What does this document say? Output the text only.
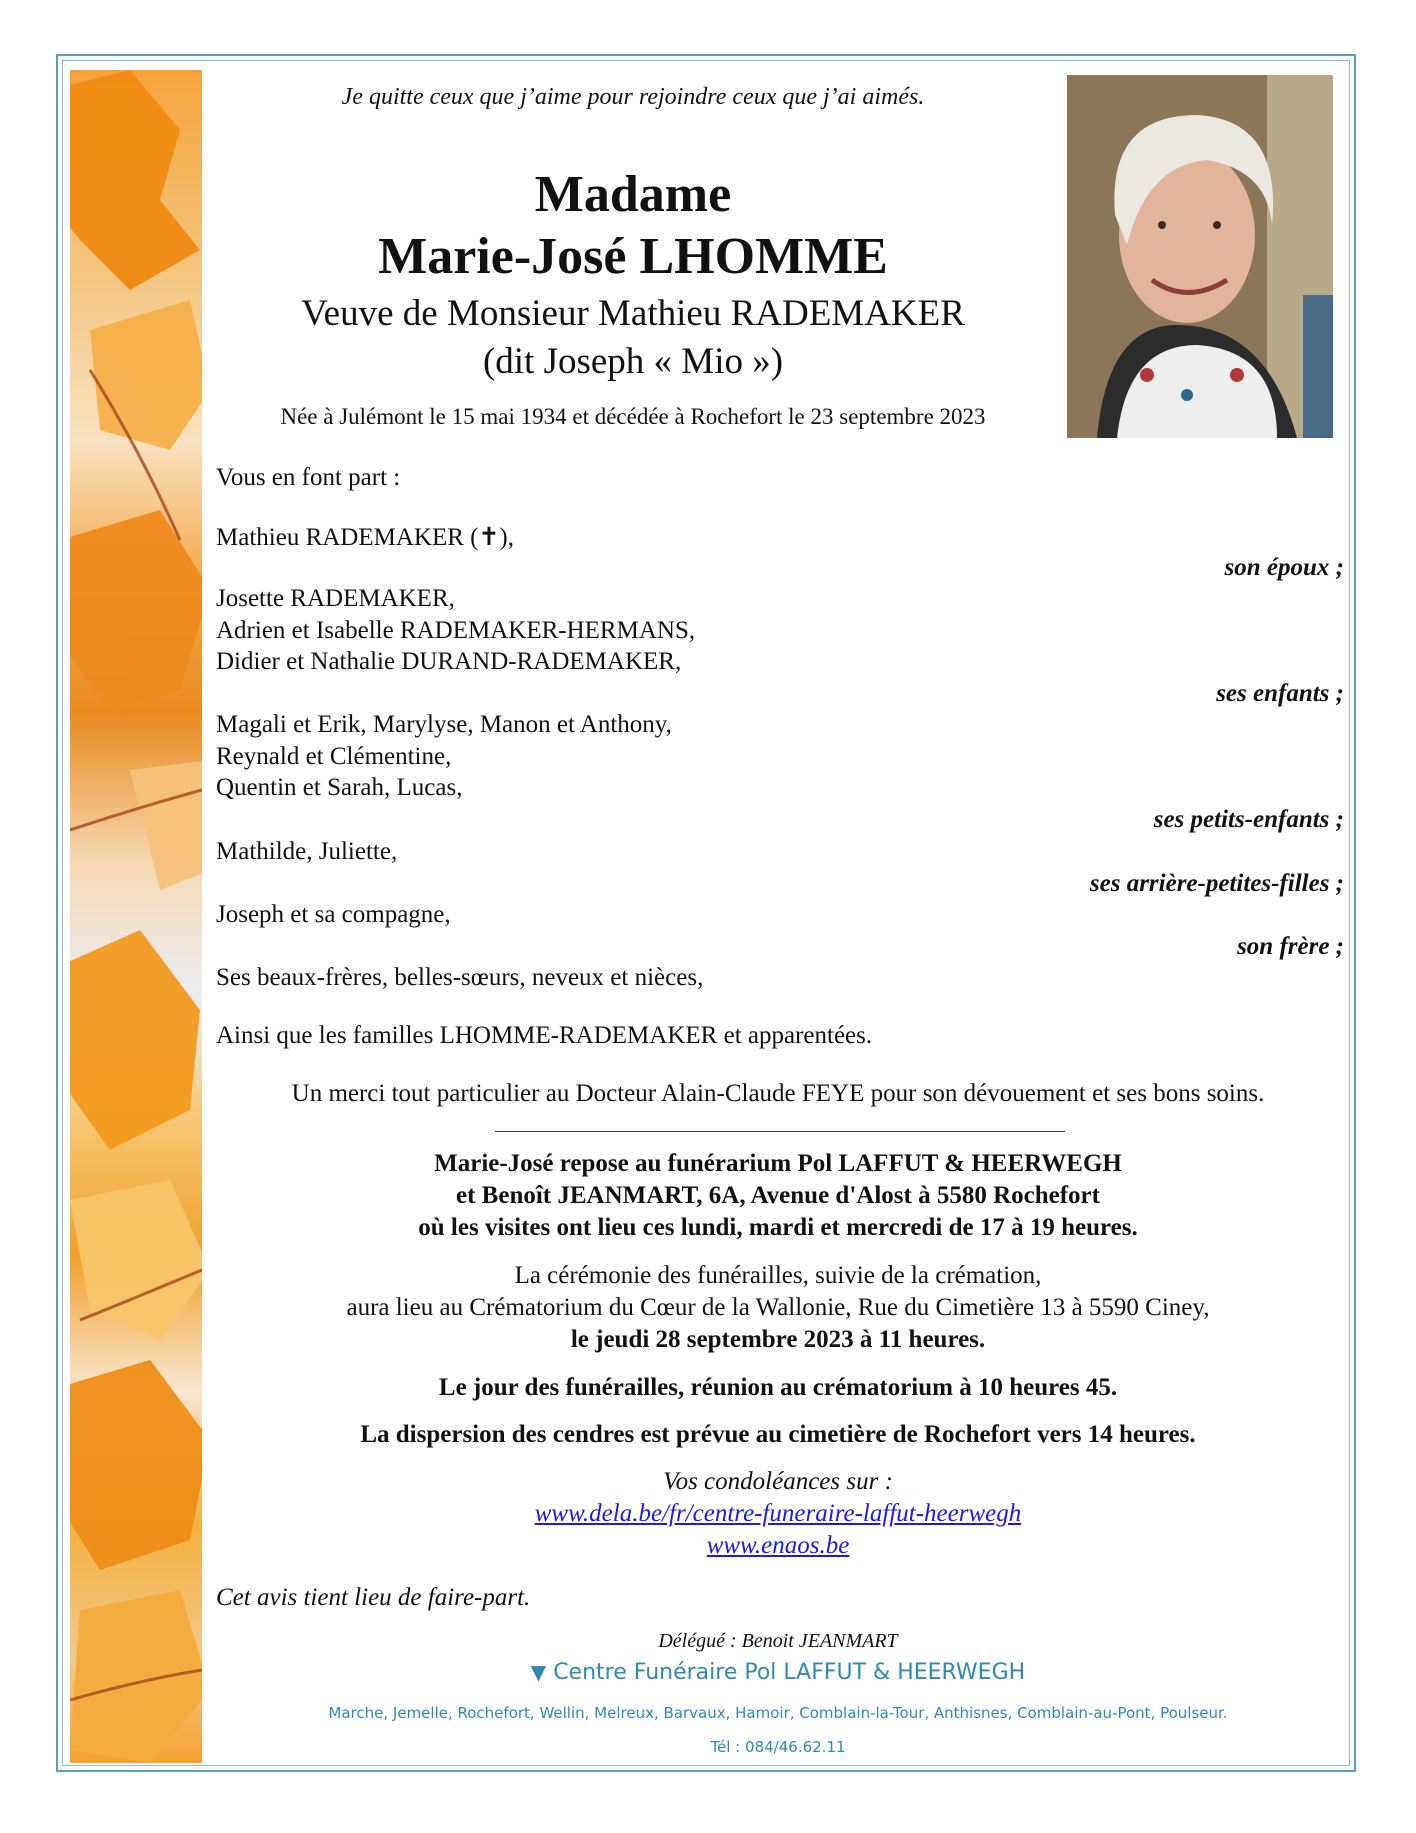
Je quitte ceux que j’aime pour rejoindre ceux que j’ai aimés.
Madame
Marie-José LHOMME
Veuve de Monsieur Mathieu RADEMAKER
(dit Joseph « Mio »)
Née à Julémont le 15 mai 1934 et décédée à Rochefort le 23 septembre 2023
Vous en font part :
Mathieu RADEMAKER (✝),
son époux ;
Josette RADEMAKER,
Adrien et Isabelle RADEMAKER-HERMANS,
Didier et Nathalie DURAND-RADEMAKER,
ses enfants ;
Magali et Erik, Marylyse, Manon et Anthony,
Reynald et Clémentine,
Quentin et Sarah, Lucas,
ses petits-enfants ;
Mathilde, Juliette,
ses arrière-petites-filles ;
Joseph et sa compagne,
son frère ;
Ses beaux-frères, belles-sœurs, neveux et nièces,
Ainsi que les familles LHOMME-RADEMAKER et apparentées.
Un merci tout particulier au Docteur Alain-Claude FEYE pour son dévouement et ses bons soins.
Marie-José repose au funérarium Pol LAFFUT & HEERWEGH
et Benoît JEANMART, 6A, Avenue d'Alost à 5580 Rochefort
où les visites ont lieu ces lundi, mardi et mercredi de 17 à 19 heures.
La cérémonie des funérailles, suivie de la crémation,
aura lieu au Crématorium du Cœur de la Wallonie, Rue du Cimetière 13 à 5590 Ciney,
le jeudi 28 septembre 2023 à 11 heures.
Le jour des funérailles, réunion au crématorium à 10 heures 45.
La dispersion des cendres est prévue au cimetière de Rochefort vers 14 heures.
Vos condoléances sur :
www.dela.be/fr/centre-funeraire-laffut-heerwegh
www.enaos.be
Cet avis tient lieu de faire-part.
Délégué : Benoit JEANMART
▼ Centre Funéraire Pol LAFFUT & HEERWEGH
Marche, Jemelle, Rochefort, Wellin, Melreux, Barvaux, Hamoir, Comblain-la-Tour, Anthisnes, Comblain-au-Pont, Poulseur.
Tél : 084/46.62.11
